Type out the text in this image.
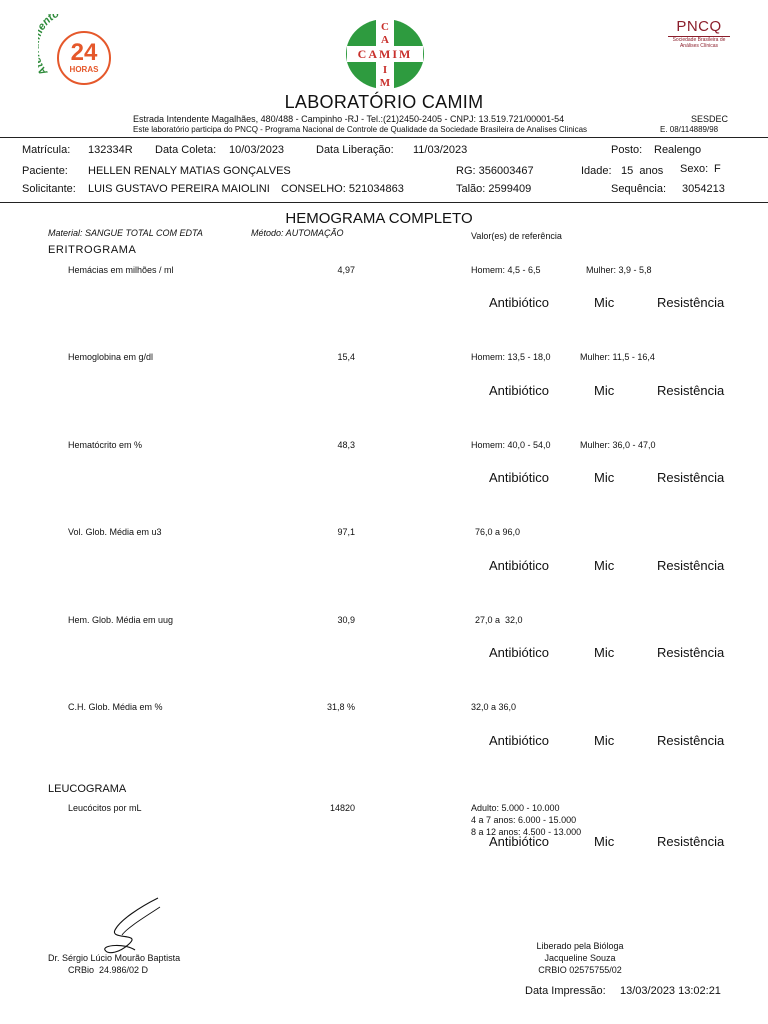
nto
24
HORAS
C
A
CAMIM
I
M
PNCQ
Sociedade Brasileira de Análises Clínicas
LABORATÓRIO CAMIM
Estrada Intendente Magalhães, 480/488 - Campinho -RJ - Tel.:(21)2450-2405 - CNPJ: 13.519.721/00001-54	SESDEC
Este laboratório participa do PNCQ - Programa Nacional de Controle de Qualidade da Sociedade Brasileira de Analises Clinicas	E. 08/114889/98
Matrícula: 132334R Data Coleta: 10/03/2023	Data Liberação: 11/03/2023	Posto: Realengo
Paciente: HELLEN RENALY MATIAS GONÇALVES	RG: 356003467	Idade: 15  anos Sexo: F
Solicitante: LUIS GUSTAVO PEREIRA MAIOLINI CONSELHO: 521034863	Talão: 2599409	Sequência: 3054213
HEMOGRAMA COMPLETO
Material: SANGUE TOTAL COM EDTA	Método: AUTOMAÇÃO	Valor(es) de referência
ERITROGRAMA
Hemácias em milhões / ml	4,97	Homem: 4,5 - 6,5	Mulher: 3,9 - 5,8
Antibiótico	Mic	Resistência
Hemoglobina em g/dl	15,4	Homem: 13,5 - 18,0	Mulher: 11,5 - 16,4
Antibiótico	Mic	Resistência
Hematócrito em %	48,3	Homem: 40,0 - 54,0	Mulher: 36,0 - 47,0
Antibiótico	Mic	Resistência
Vol. Glob. Média em u3	97,1	76,0 a 96,0
Antibiótico	Mic	Resistência
Hem. Glob. Média em uug	30,9	27,0 a  32,0
Antibiótico	Mic	Resistência
C.H. Glob. Média em %	31,8 %	32,0 a 36,0
Antibiótico	Mic	Resistência
LEUCOGRAMA
Leucócitos por mL	14820	Adulto: 5.000 - 10.000
4 a 7 anos: 6.000 - 15.000
8 a 12 anos: 4.500 - 13.000
Antibiótico	Mic	Resistência
Dr. Sérgio Lúcio Mourão Baptista
CRBio  24.986/02 D
Liberado pela Bióloga
Jacqueline Souza
CRBIO 02575755/02
Data Impressão: 13/03/2023 13:02:21
